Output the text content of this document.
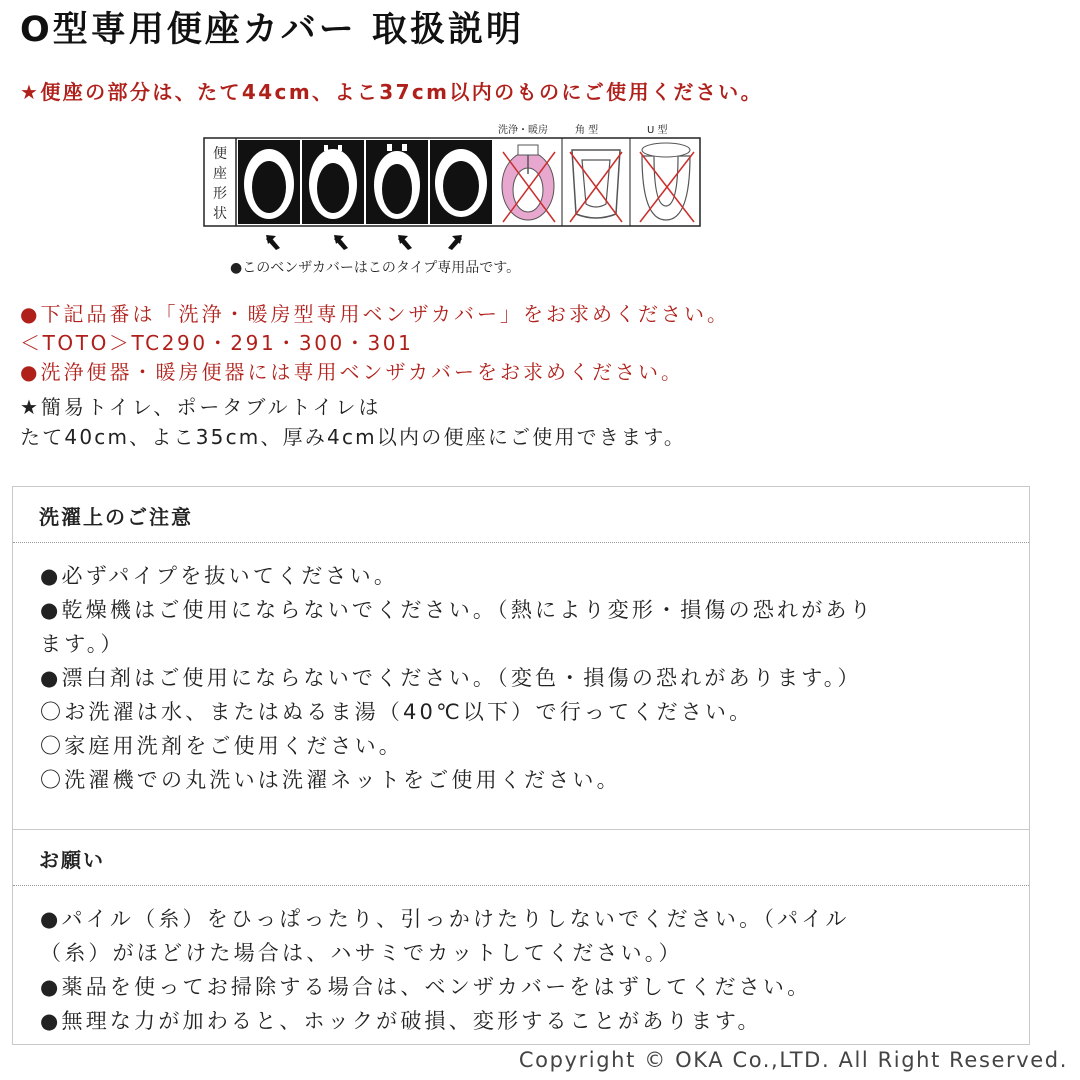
O型専用便座カバー 取扱説明
★便座の部分は、たて44cm、よこ37cm以内のものにご使用ください。
洗浄・暖房	角 型	U 型
便
座
形
状
●このベンザカバーはこのタイプ専用品です。
●下記品番は「洗浄・暖房型専用ベンザカバー」をお求めください。
＜TOTO＞TC290・291・300・301
●洗浄便器・暖房便器には専用ベンザカバーをお求めください。
★簡易トイレ、ポータブルトイレは
たて40cm、よこ35cm、厚み4cm以内の便座にご使用できます。
洗濯上のご注意
●必ずパイプを抜いてください。
●乾燥機はご使用にならないでください。（熱により変形・損傷の恐れがあり
ます。）
●漂白剤はご使用にならないでください。（変色・損傷の恐れがあります。）
〇お洗濯は水、またはぬるま湯（40℃以下）で行ってください。
〇家庭用洗剤をご使用ください。
〇洗濯機での丸洗いは洗濯ネットをご使用ください。
お願い
●パイル（糸）をひっぱったり、引っかけたりしないでください。（パイル
（糸）がほどけた場合は、ハサミでカットしてください。）
●薬品を使ってお掃除する場合は、ベンザカバーをはずしてください。
●無理な力が加わると、ホックが破損、変形することがあります。
Copyright © OKA Co.,LTD. All Right Reserved.
